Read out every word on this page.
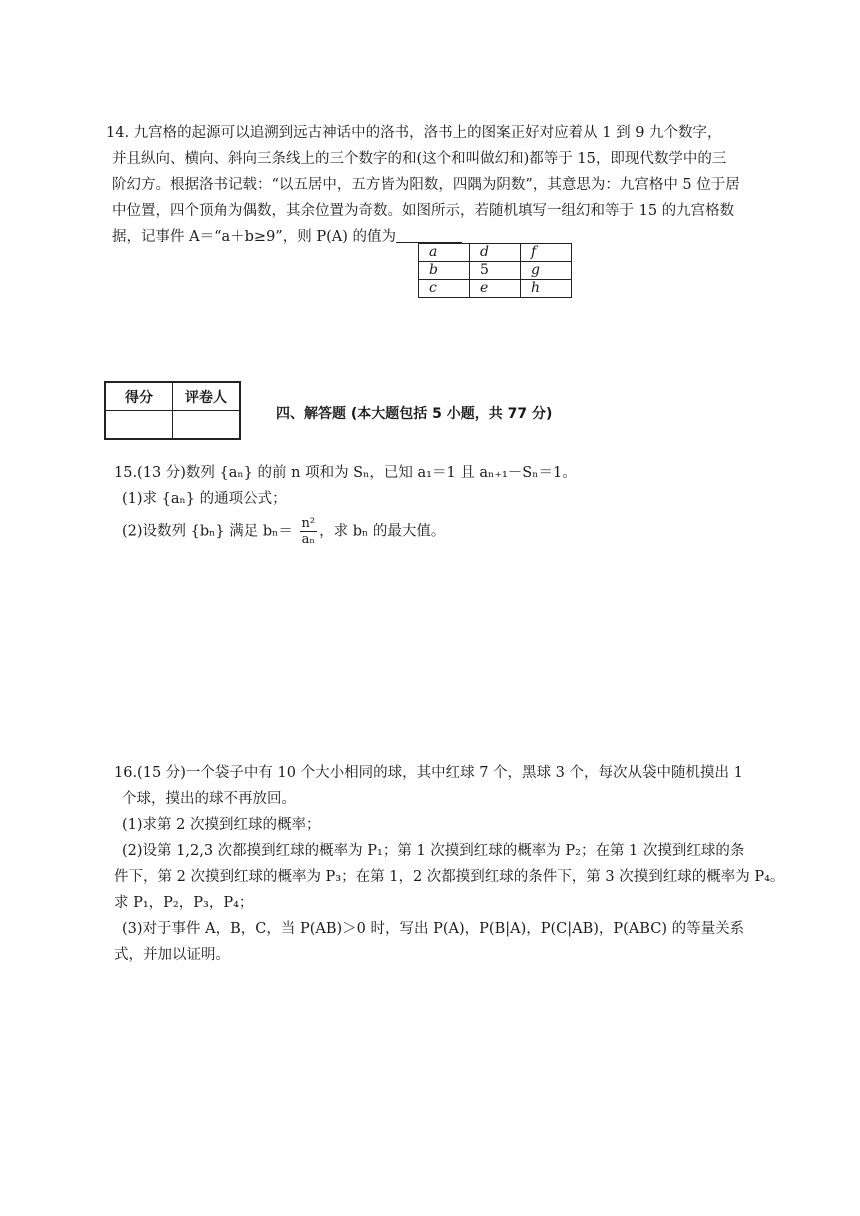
14. 九宫格的起源可以追溯到远古神话中的洛书，洛书上的图案正好对应着从 1 到 9 九个数字，
并且纵向、横向、斜向三条线上的三个数字的和(这个和叫做幻和)都等于 15，即现代数学中的三
阶幻方。根据洛书记载：“以五居中，五方皆为阳数，四隅为阴数”，其意思为：九宫格中 5 位于居
中位置，四个顶角为偶数，其余位置为奇数。如图所示，若随机填写一组幻和等于 15 的九宫格数
据，记事件 A＝“a＋b≥9”，则 P(A) 的值为
a	d	f
b	5	g
c	e	h
得分	评卷人

四、解答题 (本大题包括 5 小题，共 77 分)
15.(13 分)数列 {aₙ} 的前 n 项和为 Sₙ，已知 a₁＝1 且 aₙ₊₁－Sₙ＝1。
(1)求 {aₙ} 的通项公式；
(2)设数列 {bₙ} 满足 $b_n= \frac{\text{n²}}{\text{aₙ}}$ ，求 bₙ 的最大值。
16.(15 分)一个袋子中有 10 个大小相同的球，其中红球 7 个，黑球 3 个，每次从袋中随机摸出 1
个球，摸出的球不再放回。
(1)求第 2 次摸到红球的概率；
(2)设第 1,2,3 次都摸到红球的概率为 P₁；第 1 次摸到红球的概率为 P₂；在第 1 次摸到红球的条
件下，第 2 次摸到红球的概率为 P₃；在第 1，2 次都摸到红球的条件下，第 3 次摸到红球的概率为 P₄。
求 P₁，P₂，P₃，P₄；
(3)对于事件 A，B，C，当 P(AB)＞0 时，写出 P(A)，P(B|A)，P(C|AB)，P(ABC) 的等量关系
式，并加以证明。
